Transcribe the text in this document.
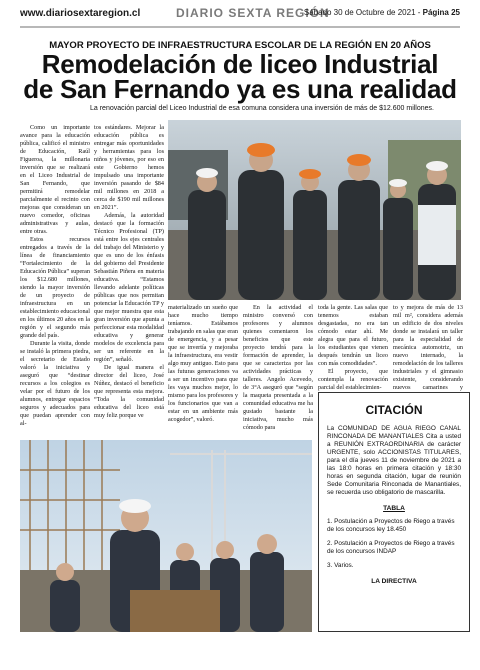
www.diariosextaregion.cl	DIARIO SEXTA REGIÓN
Sábado 30 de Octubre de 2021 - Página 25
MAYOR PROYECTO DE INFRAESTRUCTURA ESCOLAR DE LA REGIÓN EN 20 AÑOS
Remodelación de liceo Industrial
de San Fernando ya es una realidad
La renovación parcial del Liceo Industrial de esa comuna considera una inversión de más de $12.600 millones.

Como un importante avance para la educación pública, calificó el ministro de Educación, Raúl Figueroa, la millonaria inversión que se realizará en el Liceo Industrial de San Fernando, que permitirá remodelar parcialmente el recinto con mejoras que consideran un nuevo comedor, oficinas administrativas y aulas, entre otras.

Estos recursos entregados a través de la línea de financiamiento “Fortalecimiento de la Educación Pública” superan los $12.680 millones, siendo la mayor inversión de un proyecto de infraestructura en un establecimiento educacional en los últimos 20 años en la región y el segundo más grande del país.

Durante la visita, donde se instaló la primera piedra, el secretario de Estado valoró la iniciativa y aseguró que “destinar recursos a los colegios es velar por el futuro de los alumnos, entregar espacios seguros y adecuados para que puedan aprender con al-

tos estándares. Mejorar la educación pública es entregar más oportunidades y herramientas para los niños y jóvenes, por eso en este Gobierno hemos impulsado una importante inversión pasando de $84 mil millones en 2018 a cerca de $190 mil millones en 2021”.

Además, la autoridad destacó que la formación Técnico Profesional (TP) está entre los ejes centrales del trabajo del Ministerio y que es uno de los énfasis del gobierno del Presidente Sebastián Piñera en materia educativa. “Estamos llevando adelante políticas públicas que nos permitan potenciar la Educación TP y que mejor muestra que esta gran inversión que apunta a perfeccionar esta modalidad educativa y generar modelos de excelencia para ser un referente en la región”, señaló.

De igual manera el director del liceo, José Núñez, destacó el beneficio que representa esta mejora. “Toda la comunidad educativa del liceo está muy feliz porque ve

materializado un sueño que hace mucho tiempo teníamos. Estábamos trabajando en salas que eran de emergencia, y a pesar que se invertía y mejoraba la infraestructura, era vestir algo muy antiguo. Esto para las futuras generaciones va a ser un incentivo para que les vaya muchos mejor, lo mismo para los profesores y los funcionarios que van a estar en un ambiente más acogedor”, valoró.

En la actividad el ministro conversó con profesores y alumnos quienes comentaron los beneficios que este proyecto tendrá para la formación de aprender, la que se caracteriza por las actividades prácticas y talleres. Angelo Acevedo, de 3°A aseguró que “según la maqueta presentada a la comunidad educativa me ha gustado bastante la iniciativa, mucho más cómodo para

toda la gente. Las salas que tenemos estaban desgastadas, no era tan cómodo estar ahí. Me alegra que para el futuro, los estudiantes que vienen después tendrán un liceo con más comodidades”.

El proyecto, que contempla la renovación parcial del establecimien-

to y mejora de más de 13 mil m², considera además un edificio de dos niveles donde se instalará un taller para la especialidad de mecánica automotriz, un nuevo internado, la remodelación de los talleres industriales y el gimnasio existente, considerando nuevos camarines y

CITACIÓN
La COMUNIDAD DE AGUA RIEGO CANAL RINCONADA DE MANANTIALES Cita a usted a REUNIÓN EXTRAORDINARIA de carácter URGENTE, solo ACCIONISTAS TITULARES, para el día jueves 11 de noviembre de 2021 a las 18:0 horas en primera citación y 18:30 horas en segunda citación, lugar de reunión Sede Comunitaria Rinconada de Manantiales, se recuerda uso obligatorio de mascarilla.
TABLA
1. Postulación a Proyectos de Riego a través de los concursos ley 18.450
2. Postulación a Proyectos de Riego a través de los concursos INDAP
3. Varios.
LA DIRECTIVA
